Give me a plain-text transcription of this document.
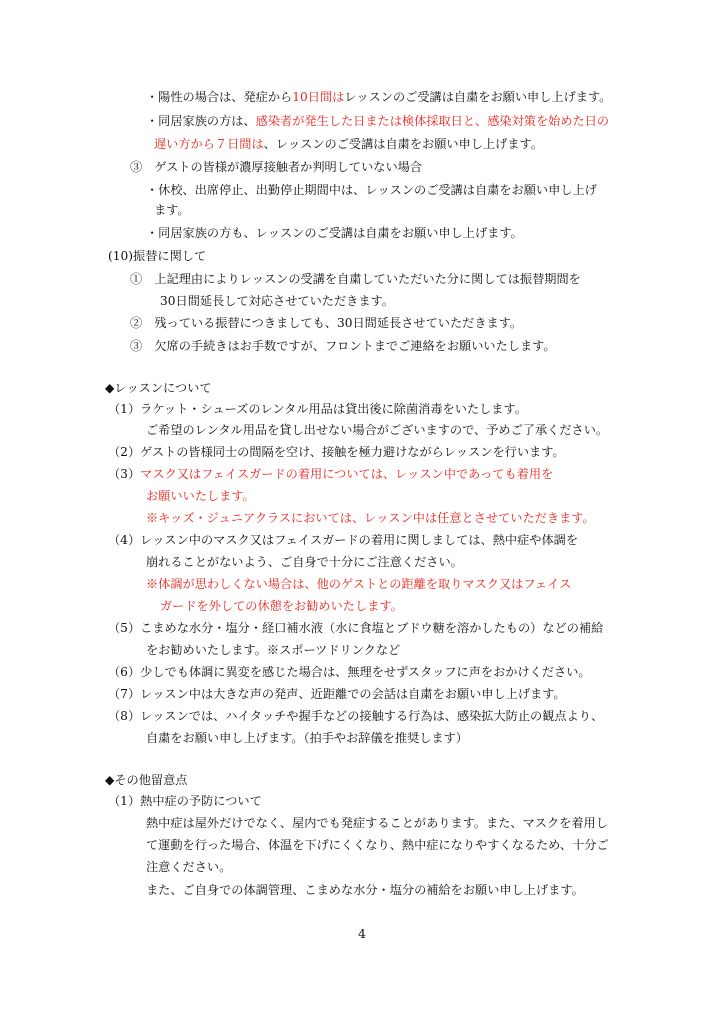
・陽性の場合は、発症から10日間はレッスンのご受講は自粛をお願い申し上げます。
・同居家族の方は、感染者が発生した日または検体採取日と、感染対策を始めた日の
遅い方から７日間は、レッスンのご受講は自粛をお願い申し上げます。
③　ゲストの皆様が濃厚接触者か判明していない場合
・休校、出席停止、出勤停止期間中は、レッスンのご受講は自粛をお願い申し上げ
ます。
・同居家族の方も、レッスンのご受講は自粛をお願い申し上げます。
(10)振替に関して
①　上記理由によりレッスンの受講を自粛していただいた分に関しては振替期間を
30日間延長して対応させていただきます。
②　残っている振替につきましても、30日間延長させていただきます。
③　欠席の手続きはお手数ですが、フロントまでご連絡をお願いいたします。
◆レッスンについて
（1）ラケット・シューズのレンタル用品は貸出後に除菌消毒をいたします。
ご希望のレンタル用品を貸し出せない場合がございますので、予めご了承ください。
（2）ゲストの皆様同士の間隔を空け、接触を極力避けながらレッスンを行います。
（3）マスク又はフェイスガードの着用については、レッスン中であっても着用を
お願いいたします。
※キッズ・ジュニアクラスにおいては、レッスン中は任意とさせていただきます。
（4）レッスン中のマスク又はフェイスガードの着用に関しましては、熱中症や体調を
崩れることがないよう、ご自身で十分にご注意ください。
※体調が思わしくない場合は、他のゲストとの距離を取りマスク又はフェイス
ガードを外しての休憩をお勧めいたします。
（5）こまめな水分・塩分・経口補水液（水に食塩とブドウ糖を溶かしたもの）などの補給
をお勧めいたします。※スポーツドリンクなど
（6）少しでも体調に異変を感じた場合は、無理をせずスタッフに声をおかけください。
（7）レッスン中は大きな声の発声、近距離での会話は自粛をお願い申し上げます。
（8）レッスンでは、ハイタッチや握手などの接触する行為は、感染拡大防止の観点より、
自粛をお願い申し上げます。（拍手やお辞儀を推奨します）
◆その他留意点
（1）熱中症の予防について
熱中症は屋外だけでなく、屋内でも発症することがあります。また、マスクを着用し
て運動を行った場合、体温を下げにくくなり、熱中症になりやすくなるため、十分ご
注意ください。
また、ご自身での体調管理、こまめな水分・塩分の補給をお願い申し上げます。
4
